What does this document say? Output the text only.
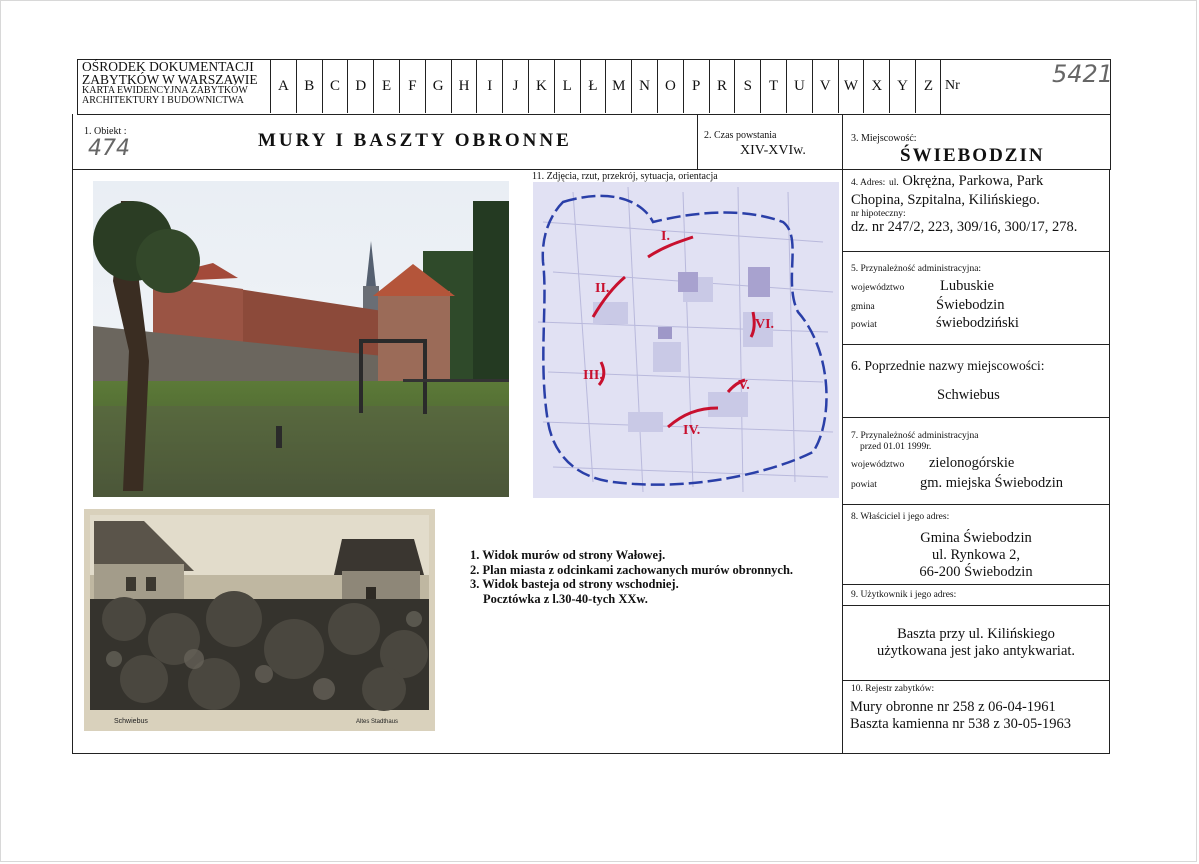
OŚRODEK DOKUMENTACJI
ZABYTKÓW W WARSZAWIE
KARTA EWIDENCYJNA ZABYTKÓW
ARCHITEKTURY I BUDOWNICTWA
A	B	C	D	E	F	G H	I	J	K	L	Ł M N O	P	R	S	T	U V W X Y	Z Nr	5421
1. Obiekt :
474	MURY I BASZTY OBRONNE	2. Czas powstania
XIV-XVIw.
3. Miejscowość:
ŚWIEBODZIN
11. Zdjęcia, rzut, przekrój, sytuacja, orientacja
I.
II.
III.
IV.
V.
VI.
Schwiebus	Altes Stadthaus
1. Widok murów od strony Wałowej.
2. Plan miasta z odcinkami zachowanych murów obronnych.
3. Widok basteja od strony wschodniej.
Pocztówka z l.30-40-tych XXw.
4. Adres: ul. Okrężna, Parkowa, Park
Chopina, Szpitalna, Kilińskiego.
nr hipoteczny:
dz. nr 247/2, 223, 309/16, 300/17, 278.
5. Przynależność administracyjna:
województwo Lubuskie
gmina	Świebodzin
powiat	świebodziński
6. Poprzednie nazwy miejscowości:
Schwiebus
7. Przynależność administracyjna
przed 01.01 1999r.
województwo zielonogórskie
powiat	gm. miejska Świebodzin
8. Właściciel i jego adres:
Gmina Świebodzin
ul. Rynkowa 2,
66-200 Świebodzin
9. Użytkownik i jego adres:
Baszta przy ul. Kilińskiego
użytkowana jest jako antykwariat.
10. Rejestr zabytków:
Mury obronne nr 258 z 06-04-1961
Baszta kamienna nr 538 z 30-05-1963
